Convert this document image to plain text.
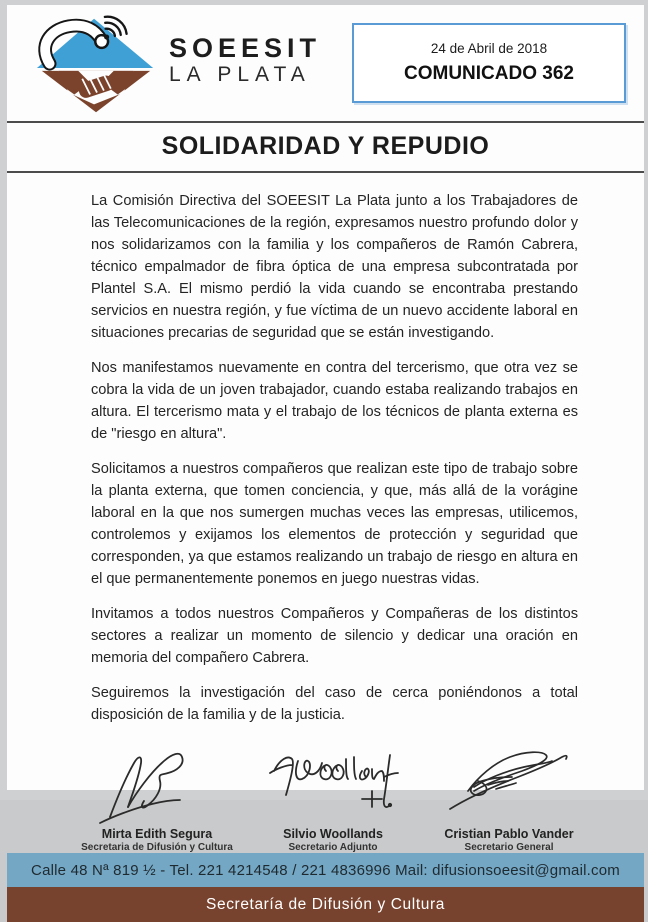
SOEESIT
LA PLATA
24 de Abril de 2018
COMUNICADO 362
SOLIDARIDAD Y REPUDIO

La Comisión Directiva del SOEESIT La Plata junto a los Trabajadores de las Telecomunicaciones de la región, expresamos nuestro profundo dolor y nos solidarizamos con la familia y los compañeros de Ramón Cabrera, técnico empalmador de fibra óptica de una empresa subcontratada por Plantel S.A. El mismo perdió la vida cuando se encontraba prestando servicios en nuestra región, y fue víctima de un nuevo accidente laboral en situaciones precarias de seguridad que se están investigando.

Nos manifestamos nuevamente en contra del tercerismo, que otra vez se cobra la vida de un joven trabajador, cuando estaba realizando trabajos en altura. El tercerismo mata y el trabajo de los técnicos de planta externa es de "riesgo en altura".

Solicitamos a nuestros compañeros que realizan este tipo de trabajo sobre la planta externa, que tomen conciencia, y que, más allá de la vorágine laboral en la que nos sumergen muchas veces las empresas, utilicemos, controlemos y exijamos los elementos de protección y seguridad que corresponden, ya que estamos realizando un trabajo de riesgo en altura en el que permanentemente ponemos en juego nuestras vidas.

Invitamos a todos nuestros Compañeros y Compañeras de los distintos sectores a realizar un momento de silencio y dedicar una oración en memoria del compañero Cabrera.

Seguiremos la investigación del caso de cerca poniéndonos a total disposición de la familia y de la justicia.

Mirta Edith Segura
Secretaria de Difusión y Cultura
Silvio Woollands
Secretario Adjunto
Cristian Pablo Vander
Secretario General
Calle 48 Nª 819 ½ - Tel. 221 4214548 / 221 4836996 Mail: difusionsoeesit@gmail.com
Secretaría de Difusión y Cultura
